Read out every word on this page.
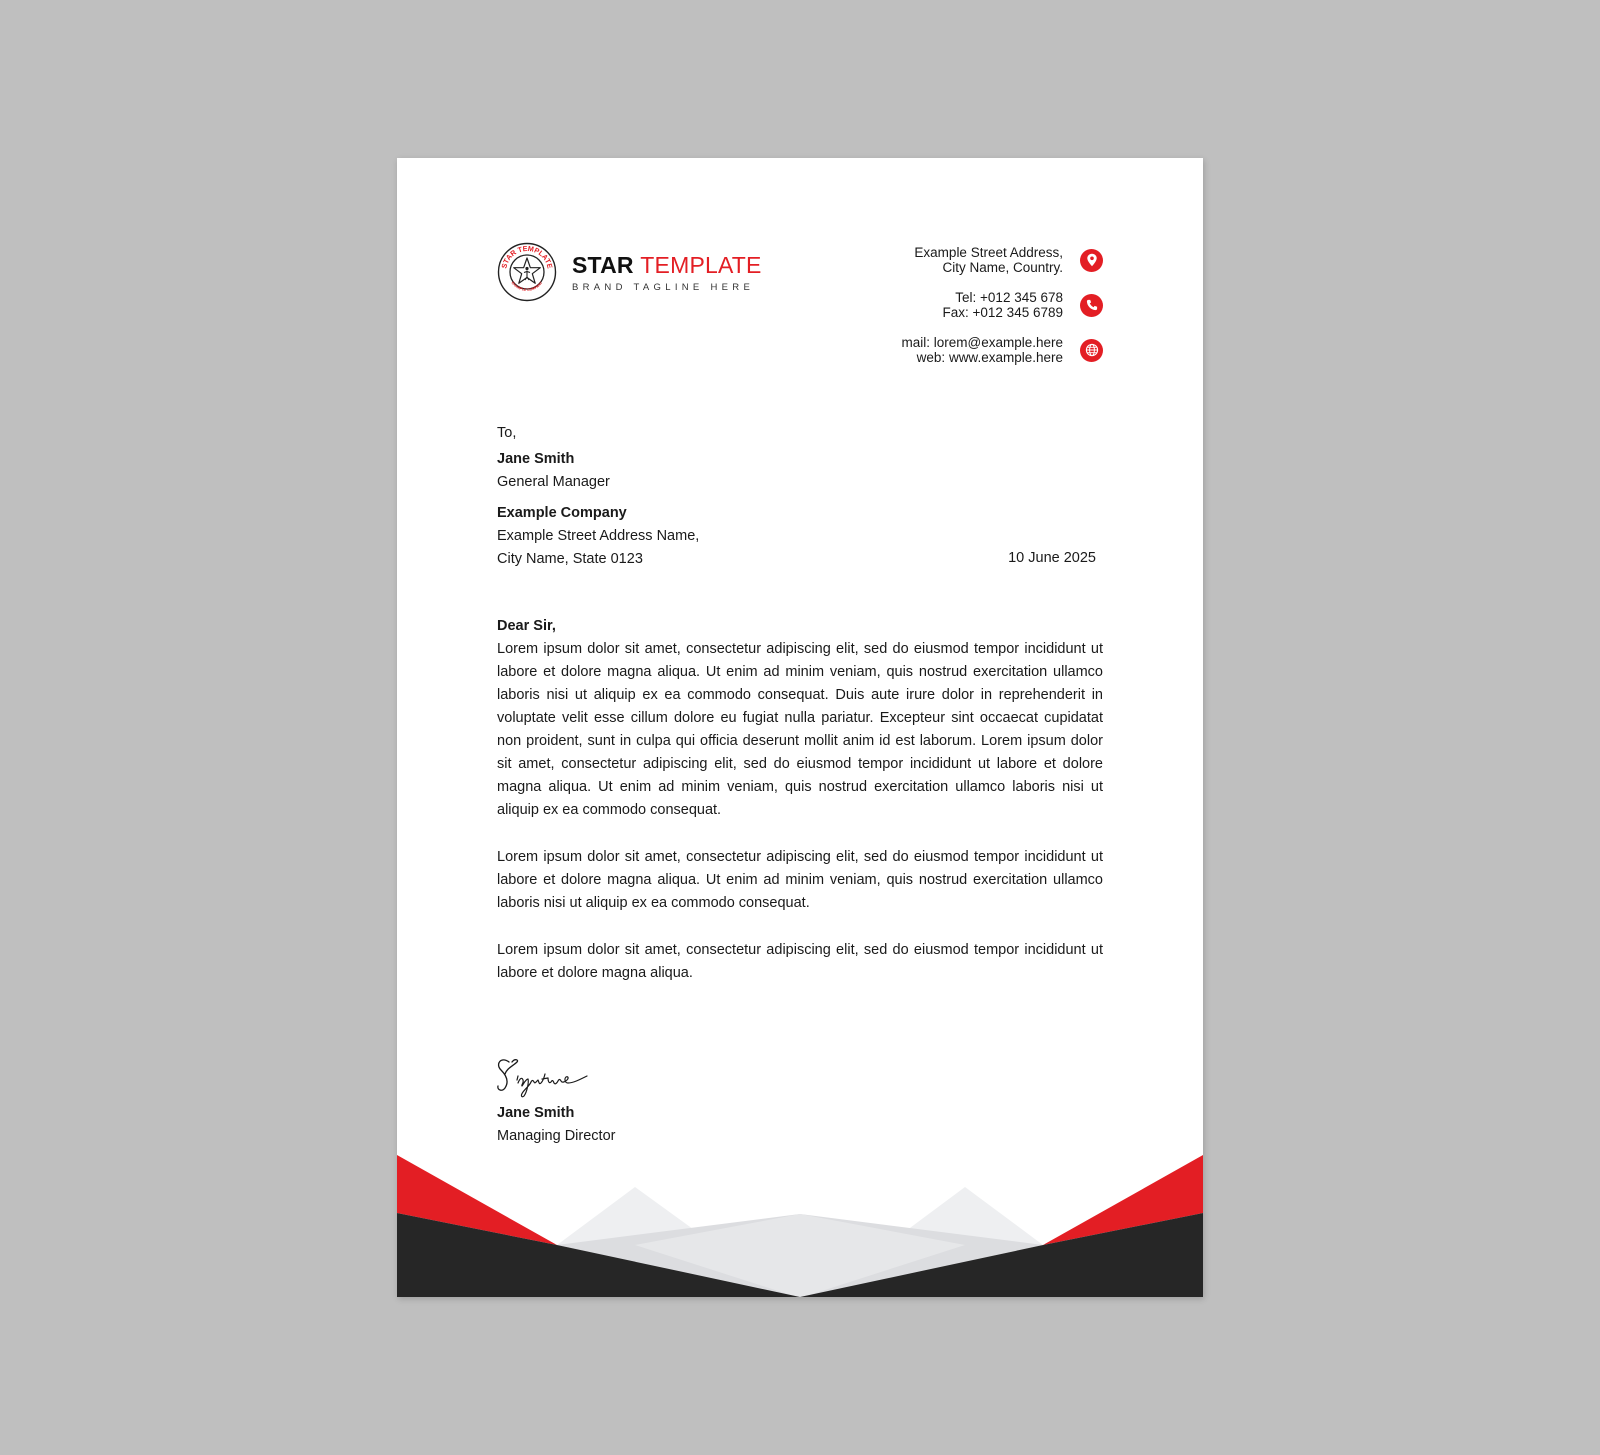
STAR TEMPLATE
EXAMPLE COMPANY
STAR TEMPLATE
BRAND TAGLINE HERE
Example Street Address,
City Name, Country.
Tel: +012 345 678
Fax: +012 345 6789
mail: lorem@example.here
web: www.example.here
To,
Jane Smith
General Manager
Example Company
Example Street Address Name,
City Name, State 0123	10 June 2025
Dear Sir,

Lorem ipsum dolor sit amet, consectetur adipiscing elit, sed do eiusmod tempor incididunt ut labore et dolore magna aliqua. Ut enim ad minim veniam, quis nostrud exercitation ullamco laboris nisi ut aliquip ex ea commodo consequat. Duis aute irure dolor in reprehenderit in voluptate velit esse cillum dolore eu fugiat nulla pariatur. Excepteur sint occaecat cupidatat non proident, sunt in culpa qui officia deserunt mollit anim id est laborum. Lorem ipsum dolor sit amet, consectetur adipiscing elit, sed do eiusmod tempor incididunt ut labore et dolore magna aliqua. Ut enim ad minim veniam, quis nostrud exercitation ullamco laboris nisi ut aliquip ex ea commodo consequat.

Lorem ipsum dolor sit amet, consectetur adipiscing elit, sed do eiusmod tempor incididunt ut labore et dolore magna aliqua. Ut enim ad minim veniam, quis nostrud exercitation ullamco laboris nisi ut aliquip ex ea commodo consequat.

Lorem ipsum dolor sit amet, consectetur adipiscing elit, sed do eiusmod tempor incididunt ut labore et dolore magna aliqua.

Jane Smith
Managing Director
